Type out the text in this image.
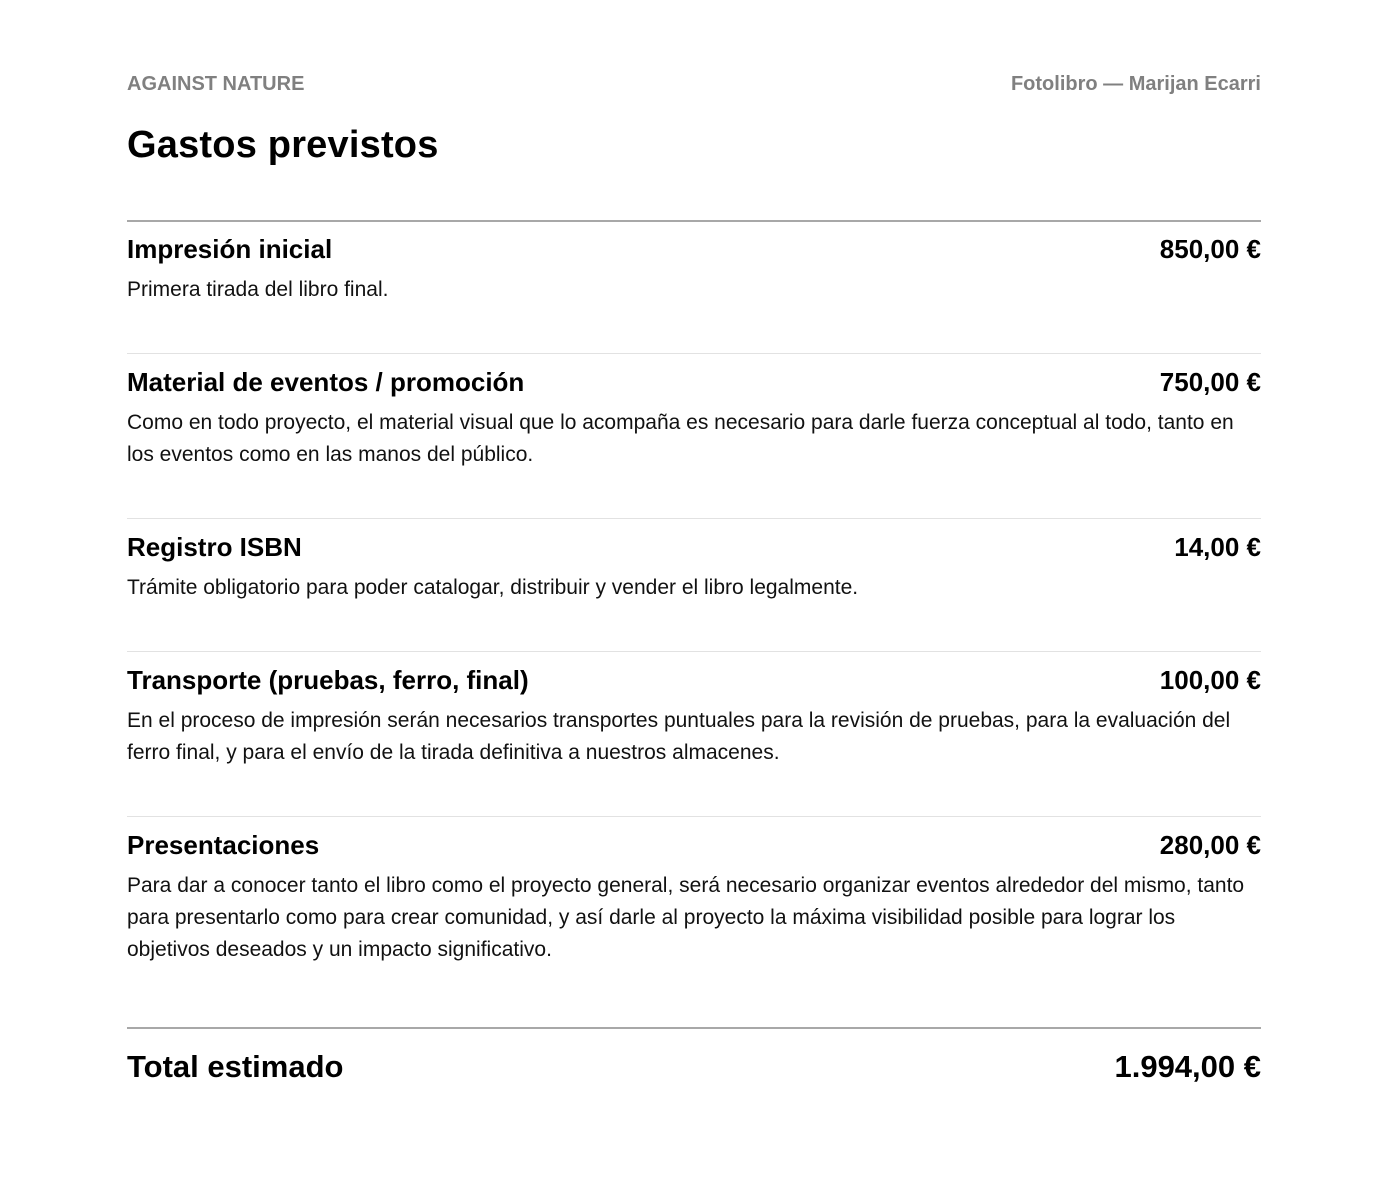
AGAINST NATURE	Fotolibro — Marijan Ecarri
Gastos previstos
Impresión inicial	850,00 €
Primera tirada del libro final.
Material de eventos / promoción	750,00 €
Como en todo proyecto, el material visual que lo acompaña es necesario para darle fuerza conceptual al todo, tanto en los eventos como en las manos del público.
Registro ISBN	14,00 €
Trámite obligatorio para poder catalogar, distribuir y vender el libro legalmente.
Transporte (pruebas, ferro, final)	100,00 €
En el proceso de impresión serán necesarios transportes puntuales para la revisión de pruebas, para la evaluación del ferro final, y para el envío de la tirada definitiva a nuestros almacenes.
Presentaciones	280,00 €
Para dar a conocer tanto el libro como el proyecto general, será necesario organizar eventos alrededor del mismo, tanto para presentarlo como para crear comunidad, y así darle al proyecto la máxima visibilidad posible para lograr los objetivos deseados y un impacto significativo.
Total estimado	1.994,00 €
